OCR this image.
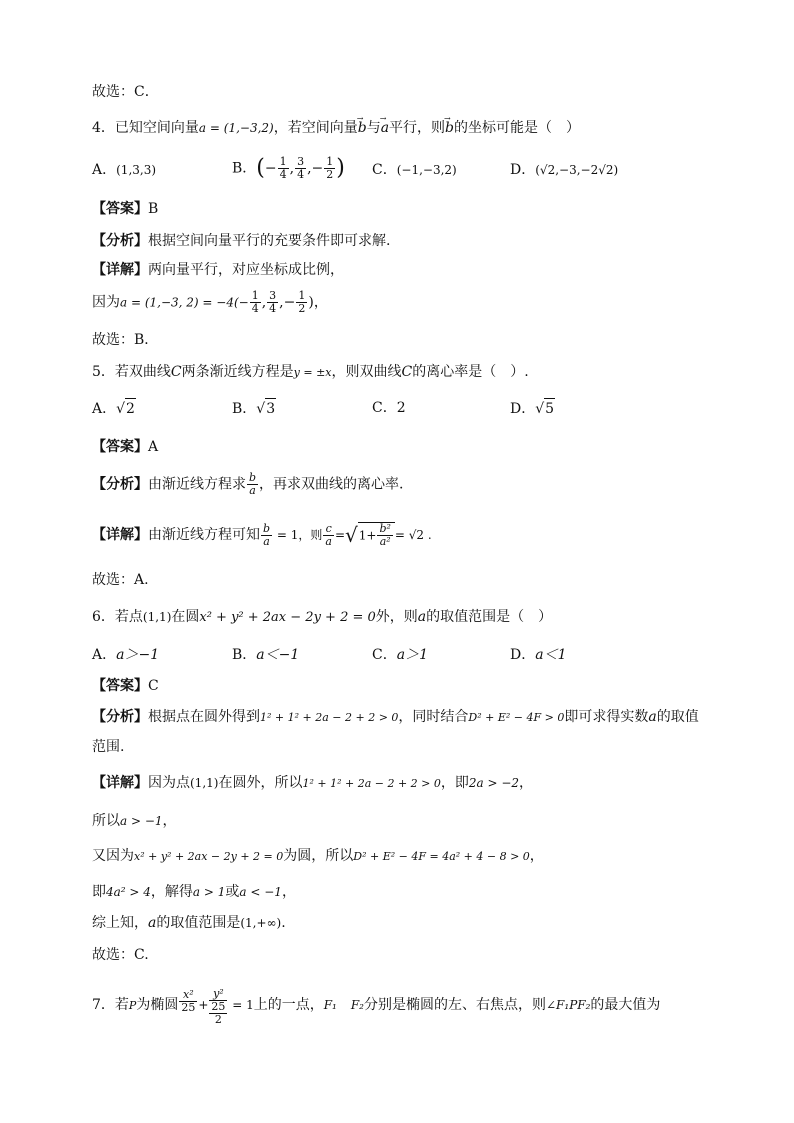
故选：C．
4．已知空间向量a = (1,−3,2)，若空间向量→ b与→ a平行，则→ b的坐标可能是（　）
A．(1,3,3)	B．(− $\frac{1}{4}$ , $\frac{3}{4}$ ,− $\frac{1}{2}$ ) C．(−1,−3,2)	D．(√2,−3,−2√2)
【答案】B
【分析】根据空间向量平行的充要条件即可求解.
【详解】两向量平行，对应坐标成比例，
因为a = (1,−3, $2) = -4(- \frac{1}{4}$ , $\frac{3}{4}$ ,− $\frac{1}{2}$ )，
故选：B．
5．若双曲线C两条渐近线方程是y = ±x，则双曲线C的离心率是（　）.
A．√2	B．√3	C．2	D．√5
【答案】A
【分析】由渐近线方程求 $\frac{b}{a}$ ，再求双曲线的离心率.
【详解】由渐近线方程可知 $\frac{b}{a} = 1$，则 $\frac{c}{a} =√1+ \frac{\text{b²}}{\text{a²}} = √2$ .
故选：A.
6．若点(1,1)在圆x² + y² + 2ax − 2y + 2 = 0外，则a的取值范围是（　）
A．a＞−1	B．a＜−1	C．a＞1	D．a＜1
【答案】C
【分析】根据点在圆外得到1² + 1² + 2a − 2 + 2 > 0，同时结合D² + E² − 4F > 0即可求得实数a的取值
范围.
【详解】因为点(1,1)在圆外，所以1² + 1² + 2a − 2 + 2 > 0，即2a > −2，
所以a > −1，
又因为x² + y² + 2ax − 2y + 2 = 0为圆，所以D² + E² − 4F = 4a² + 4 − 8 > 0，
即4a² > 4，解得a > 1或a < −1，
综上知，a的取值范围是(1,+∞).
故选：C.
7．若P为椭圆 $\frac{\text{x²}}{25}$ +
y²
25
2
= 1上的一点，F₁　 F₂分别是椭圆的左、右焦点，则∠F₁PF₂的最大值为
